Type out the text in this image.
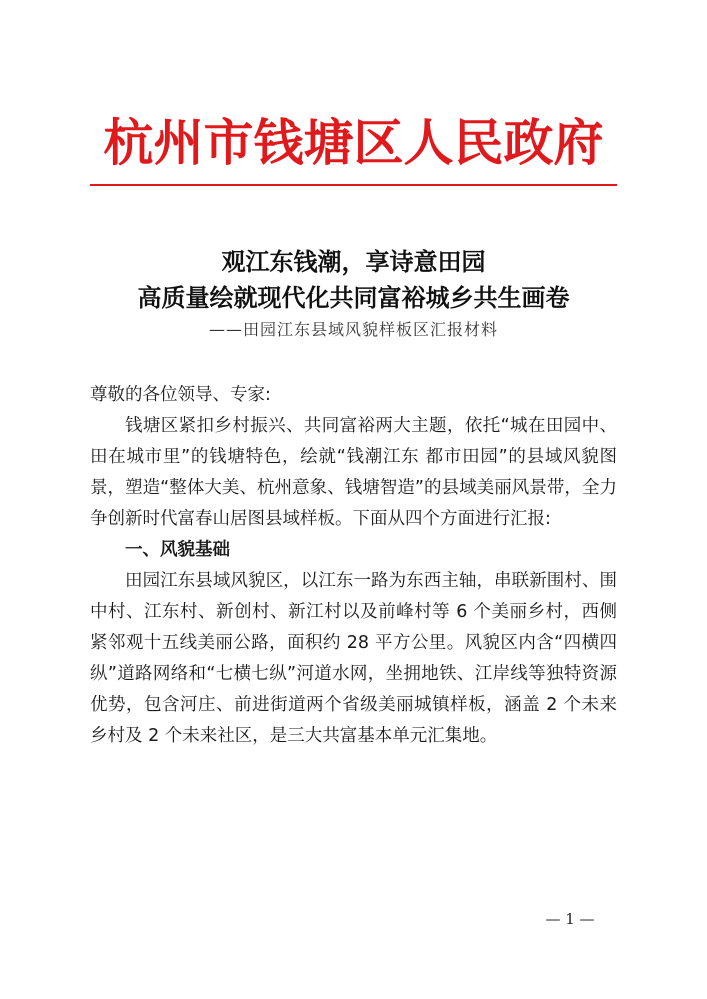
杭州市钱塘区人民政府
观江东钱潮，享诗意田园
高质量绘就现代化共同富裕城乡共生画卷
——田园江东县域风貌样板区汇报材料

尊敬的各位领导、专家:

钱塘区紧扣乡村振兴、共同富裕两大主题，依托“城在田园中、田在城市里”的钱塘特色，绘就“钱潮江东 都市田园”的县域风貌图景，塑造“整体大美、杭州意象、钱塘智造”的县域美丽风景带，全力争创新时代富春山居图县域样板。下面从四个方面进行汇报:

一、风貌基础

田园江东县域风貌区，以江东一路为东西主轴，串联新围村、围中村、江东村、新创村、新江村以及前峰村等 6 个美丽乡村，西侧紧邻观十五线美丽公路，面积约 28 平方公里。风貌区内含“四横四纵”道路网络和“七横七纵”河道水网，坐拥地铁、江岸线等独特资源优势，包含河庄、前进街道两个省级美丽城镇样板，涵盖 2 个未来乡村及 2 个未来社区，是三大共富基本单元汇集地。

— 1 —
